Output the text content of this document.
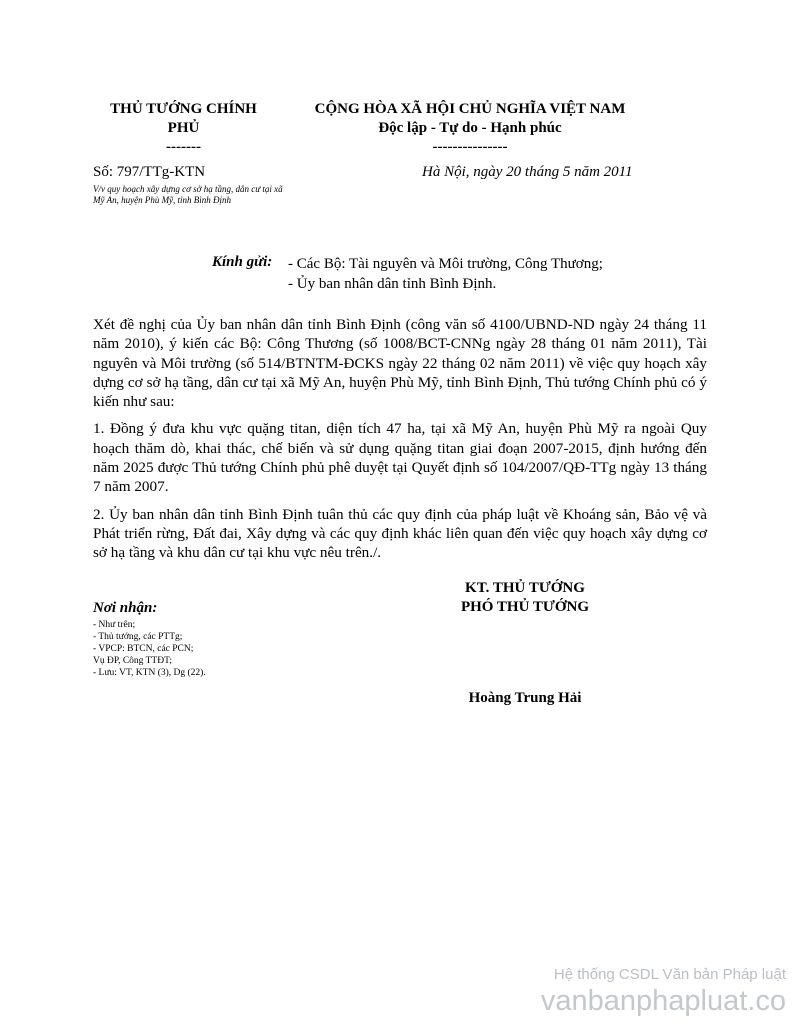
THỦ TƯỚNG CHÍNH
PHỦ
-------
CỘNG HÒA XÃ HỘI CHỦ NGHĨA VIỆT NAM
Độc lập - Tự do - Hạnh phúc
---------------
Số: 797/TTg-KTN
V/v quy hoạch xây dựng cơ sở hạ tầng, dân cư tại xã Mỹ An, huyện Phù Mỹ, tỉnh Bình Định
Hà Nội, ngày 20 tháng 5 năm 2011
Kính gửi: - Các Bộ: Tài nguyên và Môi trường, Công Thương;
- Ủy ban nhân dân tỉnh Bình Định.

Xét đề nghị của Ủy ban nhân dân tỉnh Bình Định (công văn số 4100/UBND-ND ngày 24 tháng 11 năm 2010), ý kiến các Bộ: Công Thương (số 1008/BCT-CNNg ngày 28 tháng 01 năm 2011), Tài nguyên và Môi trường (số 514/BTNTM-ĐCKS ngày 22 tháng 02 năm 2011) về việc quy hoạch xây dựng cơ sở hạ tầng, dân cư tại xã Mỹ An, huyện Phù Mỹ, tỉnh Bình Định, Thủ tướng Chính phủ có ý kiến như sau:

1. Đồng ý đưa khu vực quặng titan, diện tích 47 ha, tại xã Mỹ An, huyện Phù Mỹ ra ngoài Quy hoạch thăm dò, khai thác, chế biến và sử dụng quặng titan giai đoạn 2007-2015, định hướng đến năm 2025 được Thủ tướng Chính phủ phê duyệt tại Quyết định số 104/2007/QĐ-TTg ngày 13 tháng 7 năm 2007.

2. Ủy ban nhân dân tỉnh Bình Định tuân thủ các quy định của pháp luật về Khoáng sản, Bảo vệ và Phát triển rừng, Đất đai, Xây dựng và các quy định khác liên quan đến việc quy hoạch xây dựng cơ sở hạ tầng và khu dân cư tại khu vực nêu trên./.

KT. THỦ TƯỚNG
PHÓ THỦ TƯỚNG
Hoàng Trung Hải
Nơi nhận:
- Như trên;
- Thủ tướng, các PTTg;
- VPCP: BTCN, các PCN;
Vụ ĐP, Công TTĐT;
- Lưu: VT, KTN (3), Dg (22).
Hệ thống CSDL Văn bản Pháp luật
vanbanphapluat.co
